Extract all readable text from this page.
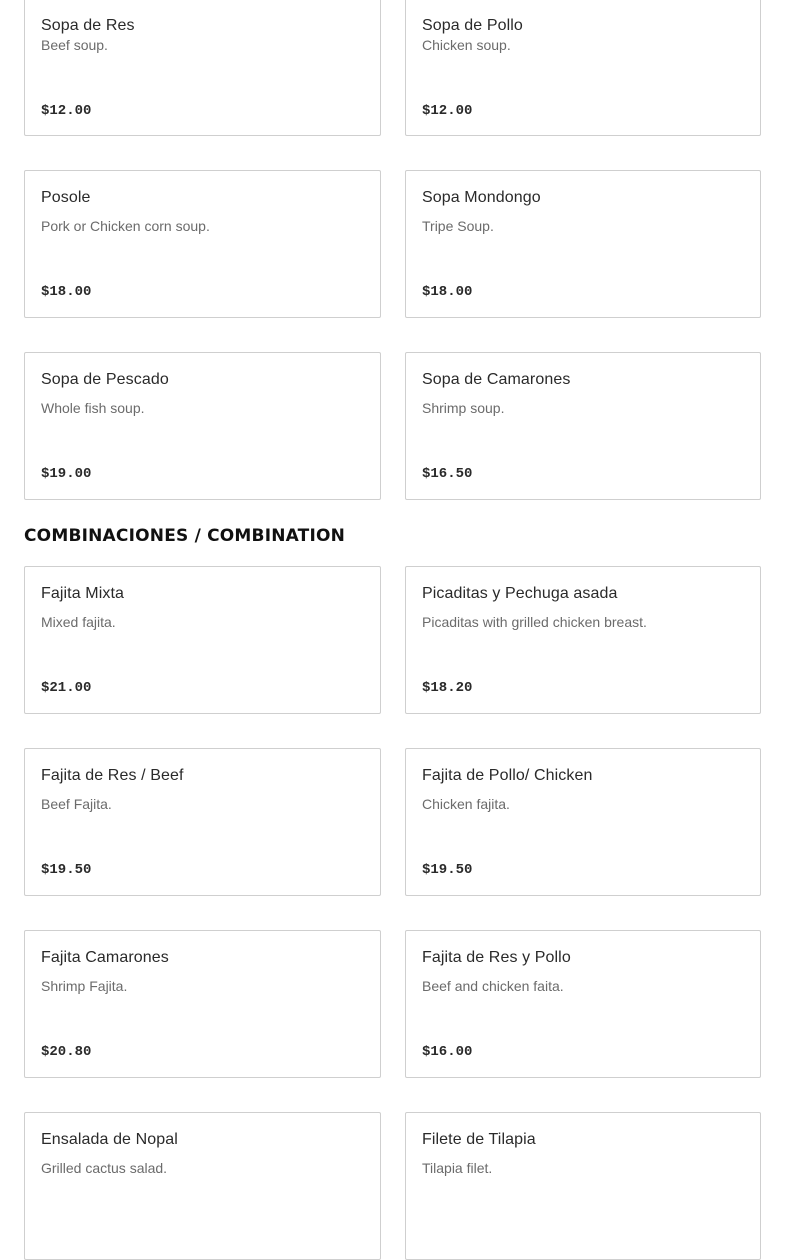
Sopa de Res
Beef soup.
$12.00
Sopa de Pollo
Chicken soup.
$12.00
Posole
Pork or Chicken corn soup.
$18.00
Sopa Mondongo
Tripe Soup.
$18.00
Sopa de Pescado
Whole fish soup.
$19.00
Sopa de Camarones
Shrimp soup.
$16.50
COMBINACIONES / COMBINATION
Fajita Mixta
Mixed fajita.
$21.00
Picaditas y Pechuga asada
Picaditas with grilled chicken breast.
$18.20
Fajita de Res / Beef
Beef Fajita.
$19.50
Fajita de Pollo/ Chicken
Chicken fajita.
$19.50
Fajita Camarones
Shrimp Fajita.
$20.80
Fajita de Res y Pollo
Beef and chicken faita.
$16.00
Ensalada de Nopal
Grilled cactus salad.
Filete de Tilapia
Tilapia filet.
